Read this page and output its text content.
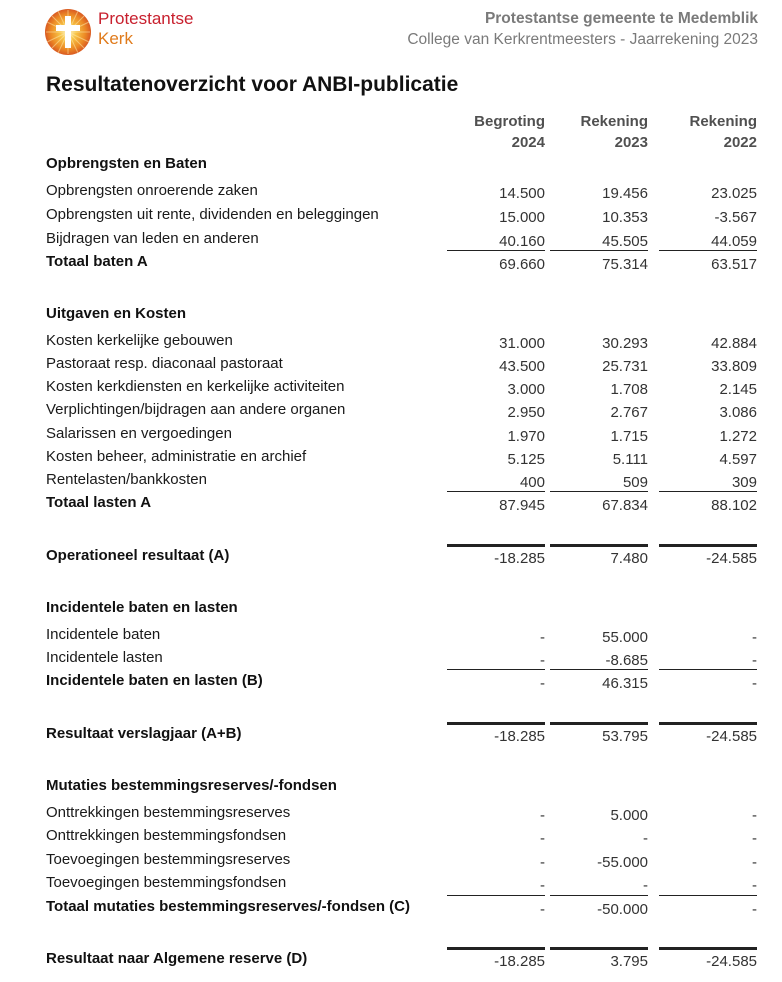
Protestantse
Kerk
Protestantse gemeente te Medemblik
College van Kerkrentmeesters - Jaarrekening 2023
Resultatenoverzicht voor ANBI-publicatie
Begroting
2024
Rekening
2023
Rekening
2022
Opbrengsten en Baten
Opbrengsten onroerende zaken	14.500	19.456	23.025
Opbrengsten uit rente, dividenden en beleggingen	15.000	10.353	-3.567
Bijdragen van leden en anderen	40.160	45.505	44.059
Totaal baten A	69.660	75.314	63.517
Uitgaven en Kosten
Kosten kerkelijke gebouwen	31.000	30.293	42.884
Pastoraat resp. diaconaal pastoraat	43.500	25.731	33.809
Kosten kerkdiensten en kerkelijke activiteiten	3.000	1.708	2.145
Verplichtingen/bijdragen aan andere organen	2.950	2.767	3.086
Salarissen en vergoedingen	1.970	1.715	1.272
Kosten beheer, administratie en archief	5.125	5.111	4.597
Rentelasten/bankkosten	400	509	309
Totaal lasten A	87.945	67.834	88.102
Operationeel resultaat (A)	-18.285	7.480	-24.585
Incidentele baten en lasten
Incidentele baten	-	55.000	-
Incidentele lasten	-	-8.685	-
Incidentele baten en lasten (B)	-	46.315	-
Resultaat verslagjaar (A+B)	-18.285	53.795	-24.585
Mutaties bestemmingsreserves/-fondsen
Onttrekkingen bestemmingsreserves	-	5.000	-
Onttrekkingen bestemmingsfondsen	-	-	-
Toevoegingen bestemmingsreserves	-	-55.000	-
Toevoegingen bestemmingsfondsen	-	-	-
Totaal mutaties bestemmingsreserves/-fondsen (C)	-	-50.000	-
Resultaat naar Algemene reserve (D)	-18.285	3.795	-24.585
